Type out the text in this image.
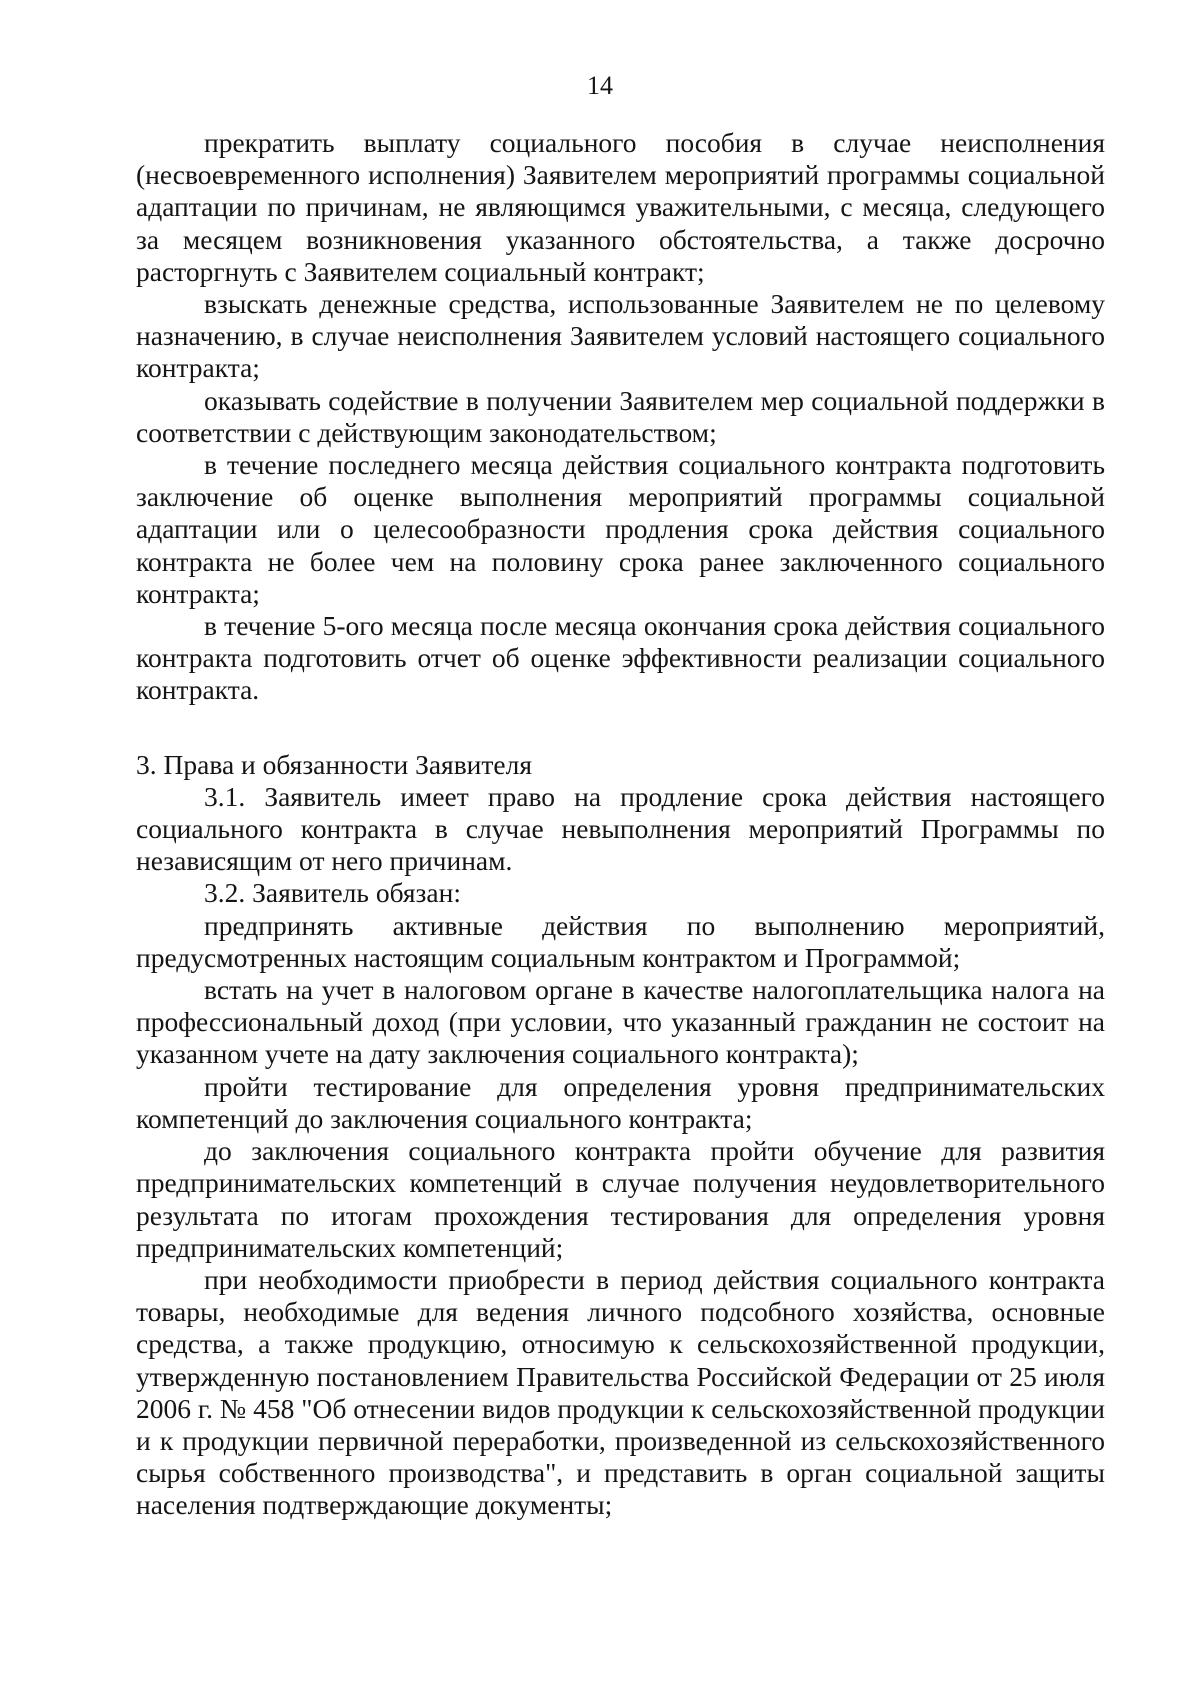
14

прекратить выплату социального пособия в случае неисполнения (несвоевременного исполнения) Заявителем мероприятий программы социальной адаптации по причинам, не являющимся уважительными, с месяца, следующего за месяцем возникновения указанного обстоятельства, а также досрочно расторгнуть с Заявителем социальный контракт;

взыскать денежные средства, использованные Заявителем не по целевому назначению, в случае неисполнения Заявителем условий настоящего социального контракта;

оказывать содействие в получении Заявителем мер социальной поддержки в соответствии с действующим законодательством;

в течение последнего месяца действия социального контракта подготовить заключение об оценке выполнения мероприятий программы социальной адаптации или о целесообразности продления срока действия социального контракта не более чем на половину срока ранее заключенного социального контракта;

в течение 5-ого месяца после месяца окончания срока действия социального контракта подготовить отчет об оценке эффективности реализации социального контракта.

3. Права и обязанности Заявителя

3.1. Заявитель имеет право на продление срока действия настоящего социального контракта в случае невыполнения мероприятий Программы по независящим от него причинам.

3.2. Заявитель обязан:

предпринять активные действия по выполнению мероприятий, предусмотренных настоящим социальным контрактом и Программой;

встать на учет в налоговом органе в качестве налогоплательщика налога на профессиональный доход (при условии, что указанный гражданин не состоит на указанном учете на дату заключения социального контракта);

пройти тестирование для определения уровня предпринимательских компетенций до заключения социального контракта;

до заключения социального контракта пройти обучение для развития предпринимательских компетенций в случае получения неудовлетворительного результата по итогам прохождения тестирования для определения уровня предпринимательских компетенций;

при необходимости приобрести в период действия социального контракта товары, необходимые для ведения личного подсобного хозяйства, основные средства, а также продукцию, относимую к сельскохозяйственной продукции, утвержденную постановлением Правительства Российской Федерации от 25 июля 2006 г. № 458 "Об отнесении видов продукции к сельскохозяйственной продукции и к продукции первичной переработки, произведенной из сельскохозяйственного сырья собственного производства", и представить в орган социальной защиты населения подтверждающие документы;
